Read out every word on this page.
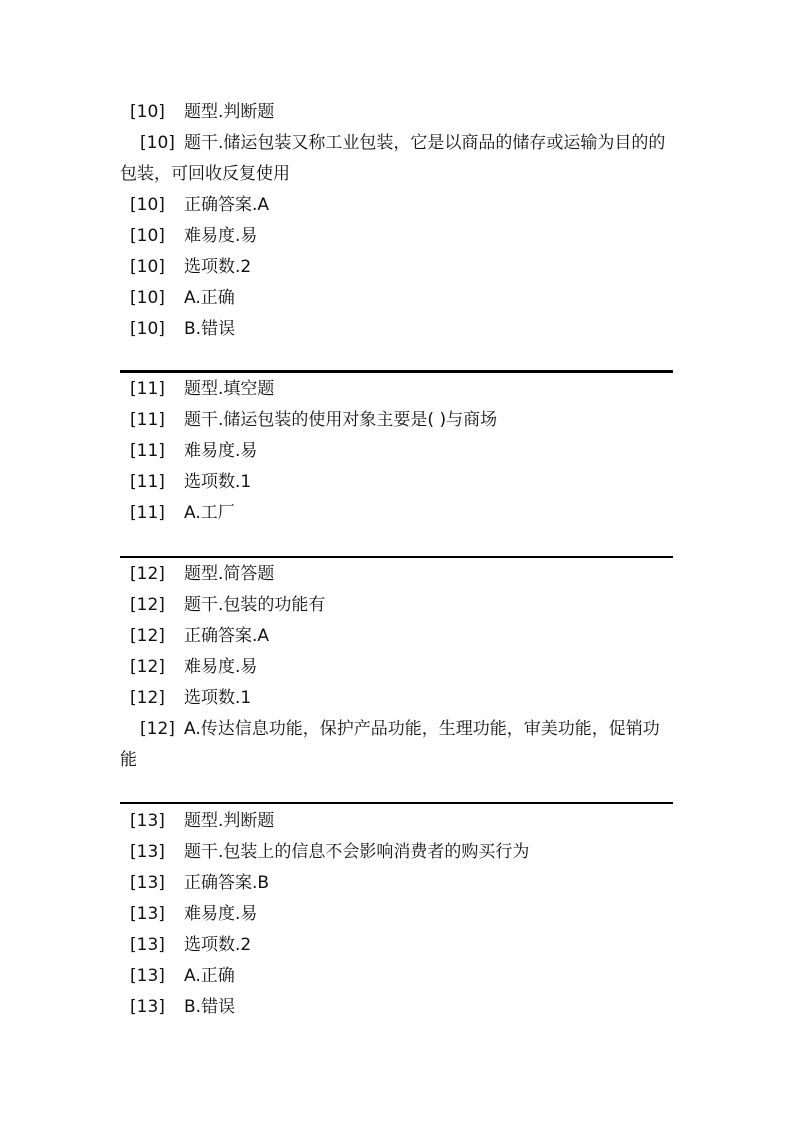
[10] 题型.判断题
[10] 题干.储运包装又称工业包装，它是以商品的储存或运输为目的的包装，可回收反复使用
[10] 正确答案.A
[10] 难易度.易
[10] 选项数.2
[10] A.正确
[10] B.错误
[11] 题型.填空题
[11] 题干.储运包装的使用对象主要是( )与商场
[11] 难易度.易
[11] 选项数.1
[11] A.工厂
[12] 题型.简答题
[12] 题干.包装的功能有
[12] 正确答案.A
[12] 难易度.易
[12] 选项数.1
[12] A.传达信息功能，保护产品功能，生理功能，审美功能，促销功能
[13] 题型.判断题
[13] 题干.包装上的信息不会影响消费者的购买行为
[13] 正确答案.B
[13] 难易度.易
[13] 选项数.2
[13] A.正确
[13] B.错误
